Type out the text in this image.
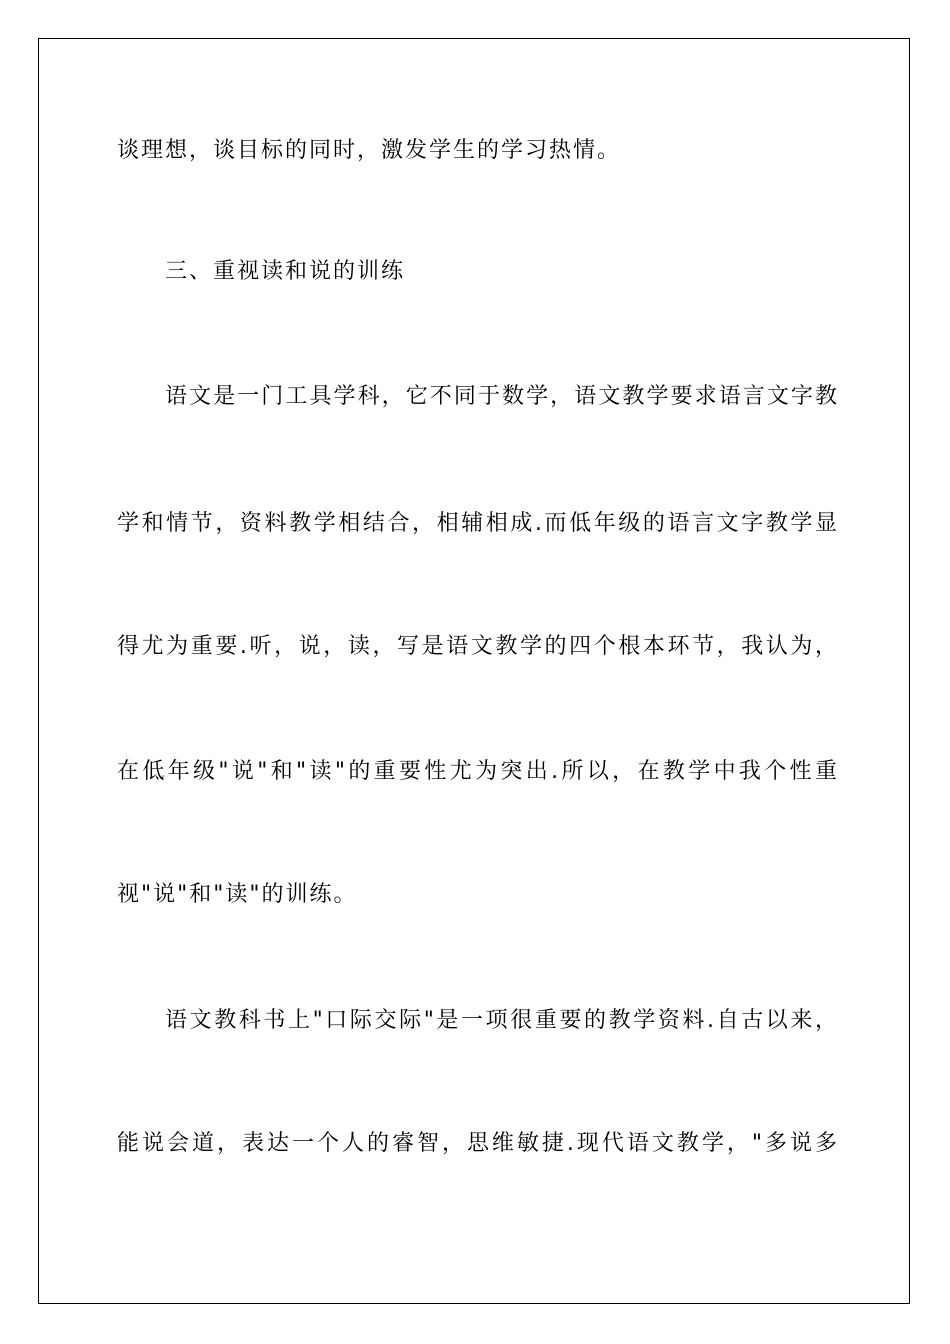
谈理想，谈目标的同时，激发学生的学习热情。
三、重视读和说的训练
语文是一门工具学科，它不同于数学，语文教学要求语言文字教
学和情节，资料教学相结合，相辅相成.而低年级的语言文字教学显
得尤为重要.听，说，读，写是语文教学的四个根本环节，我认为，
在低年级"说"和"读"的重要性尤为突出.所以，在教学中我个性重
视"说"和"读"的训练。
语文教科书上"口际交际"是一项很重要的教学资料.自古以来，
能说会道，表达一个人的睿智，思维敏捷.现代语文教学，"多说多
